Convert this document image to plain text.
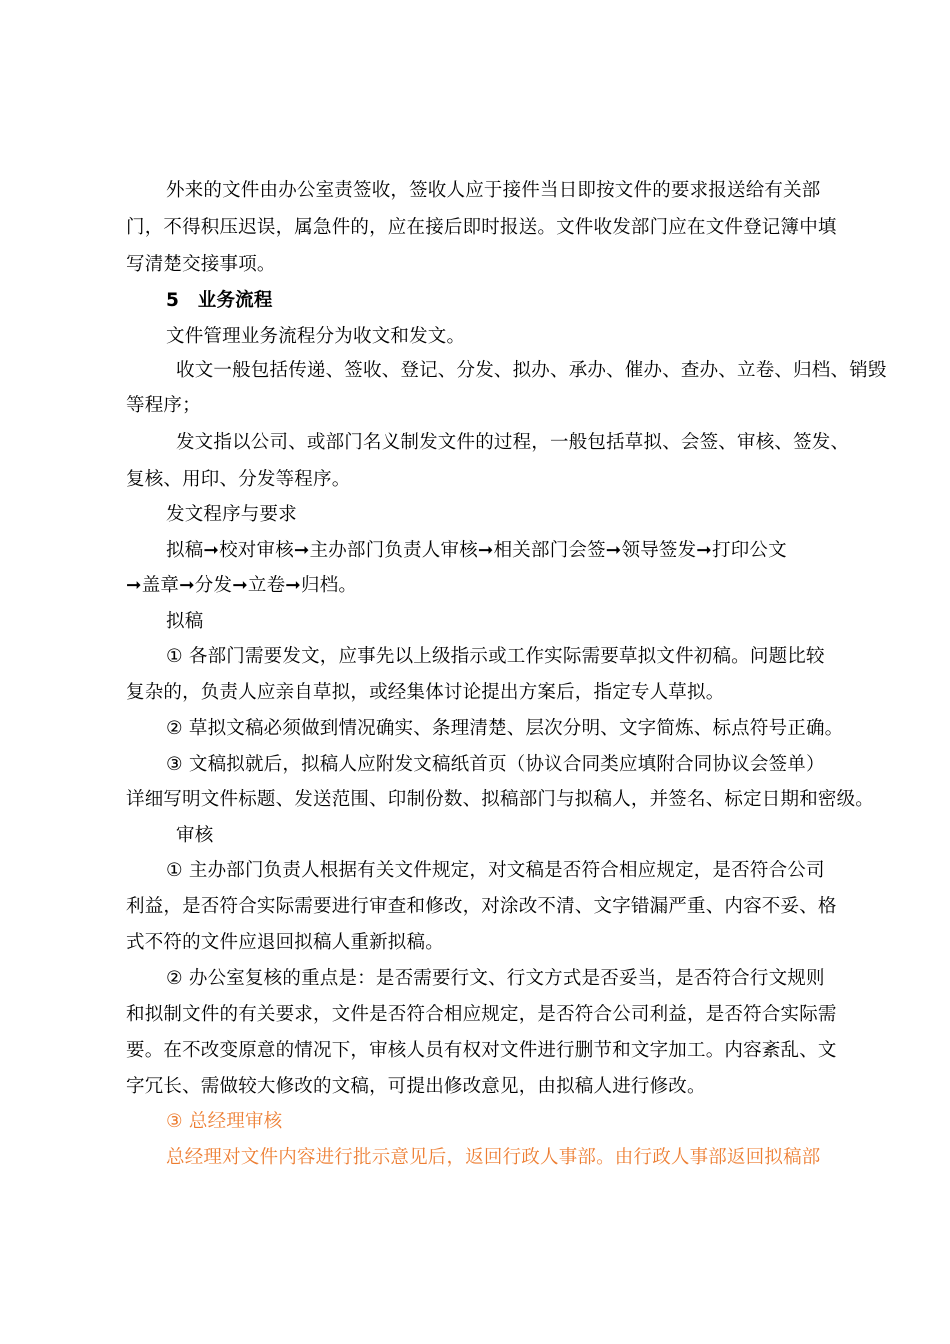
外来的文件由办公室责签收，签收人应于接件当日即按文件的要求报送给有关部
门，不得积压迟误，属急件的，应在接后即时报送。文件收发部门应在文件登记簿中填
写清楚交接事项。
5　业务流程
文件管理业务流程分为收文和发文。
收文一般包括传递、签收、登记、分发、拟办、承办、催办、查办、立卷、归档、销毁
等程序；
发文指以公司、或部门名义制发文件的过程，一般包括草拟、会签、审核、签发、
复核、用印、分发等程序。
发文程序与要求
拟稿➞校对审核➞主办部门负责人审核➞相关部门会签➞领导签发➞打印公文
➞盖章➞分发➞立卷➞归档。
拟稿
① 各部门需要发文，应事先以上级指示或工作实际需要草拟文件初稿。问题比较
复杂的，负责人应亲自草拟，或经集体讨论提出方案后，指定专人草拟。
② 草拟文稿必须做到情况确实、条理清楚、层次分明、文字简炼、标点符号正确。
③ 文稿拟就后，拟稿人应附发文稿纸首页（协议合同类应填附合同协议会签单）
详细写明文件标题、发送范围、印制份数、拟稿部门与拟稿人，并签名、标定日期和密级。
审核
① 主办部门负责人根据有关文件规定，对文稿是否符合相应规定，是否符合公司
利益，是否符合实际需要进行审查和修改，对涂改不清、文字错漏严重、内容不妥、格
式不符的文件应退回拟稿人重新拟稿。
② 办公室复核的重点是：是否需要行文、行文方式是否妥当，是否符合行文规则
和拟制文件的有关要求，文件是否符合相应规定，是否符合公司利益，是否符合实际需
要。在不改变原意的情况下，审核人员有权对文件进行删节和文字加工。内容紊乱、文
字冗长、需做较大修改的文稿，可提出修改意见，由拟稿人进行修改。
③ 总经理审核
总经理对文件内容进行批示意见后，返回行政人事部。由行政人事部返回拟稿部
